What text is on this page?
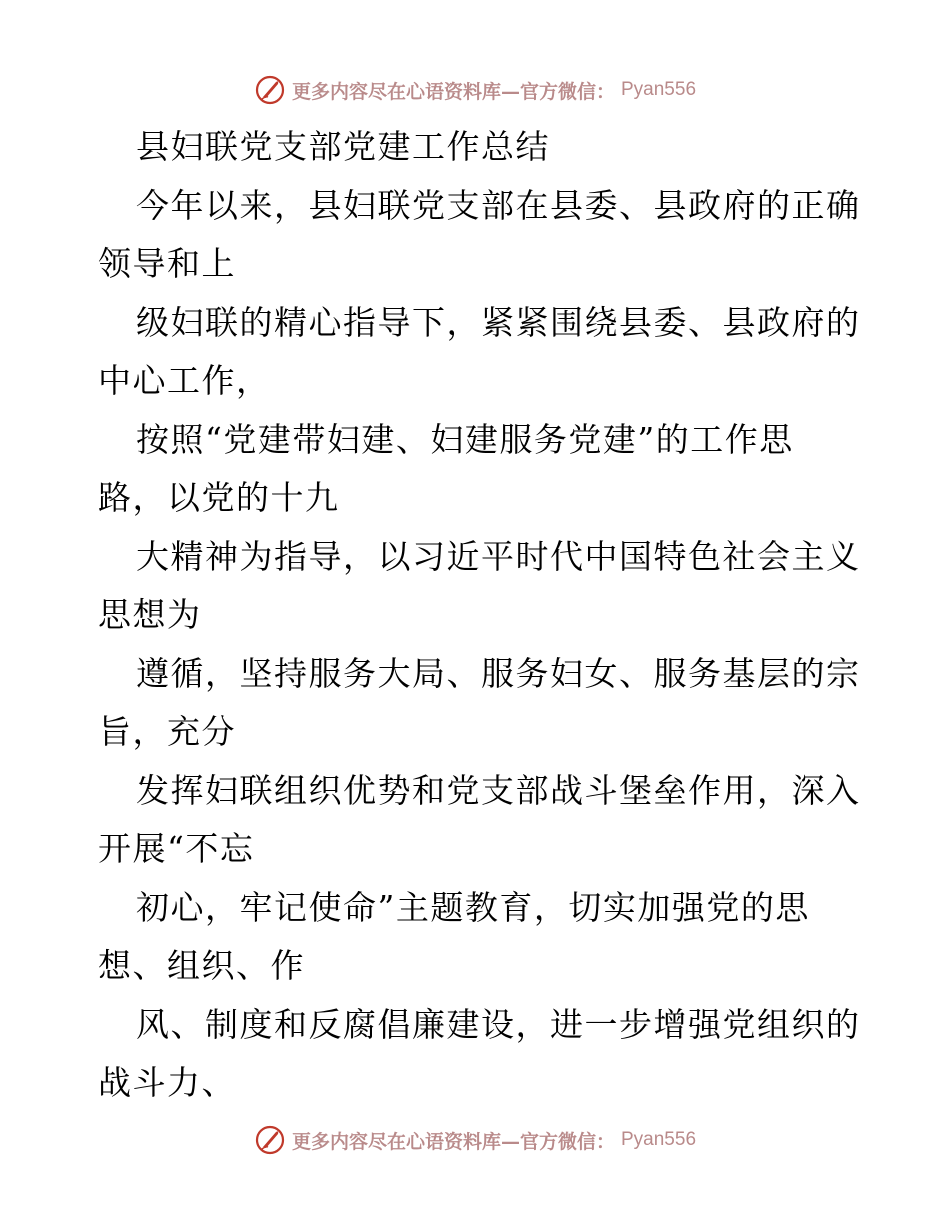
更多内容尽在心语资料库—官方微信： Pyan556
县妇联党支部党建工作总结
今年以来，县妇联党支部在县委、县政府的正确
领导和上
级妇联的精心指导下，紧紧围绕县委、县政府的
中心工作，
按照“党建带妇建、妇建服务党建”的工作思
路，以党的十九
大精神为指导，以习近平时代中国特色社会主义
思想为
遵循，坚持服务大局、服务妇女、服务基层的宗
旨，充分
发挥妇联组织优势和党支部战斗堡垒作用，深入
开展“不忘
初心，牢记使命”主题教育，切实加强党的思
想、组织、作
风、制度和反腐倡廉建设，进一步增强党组织的
战斗力、
更多内容尽在心语资料库—官方微信： Pyan556
